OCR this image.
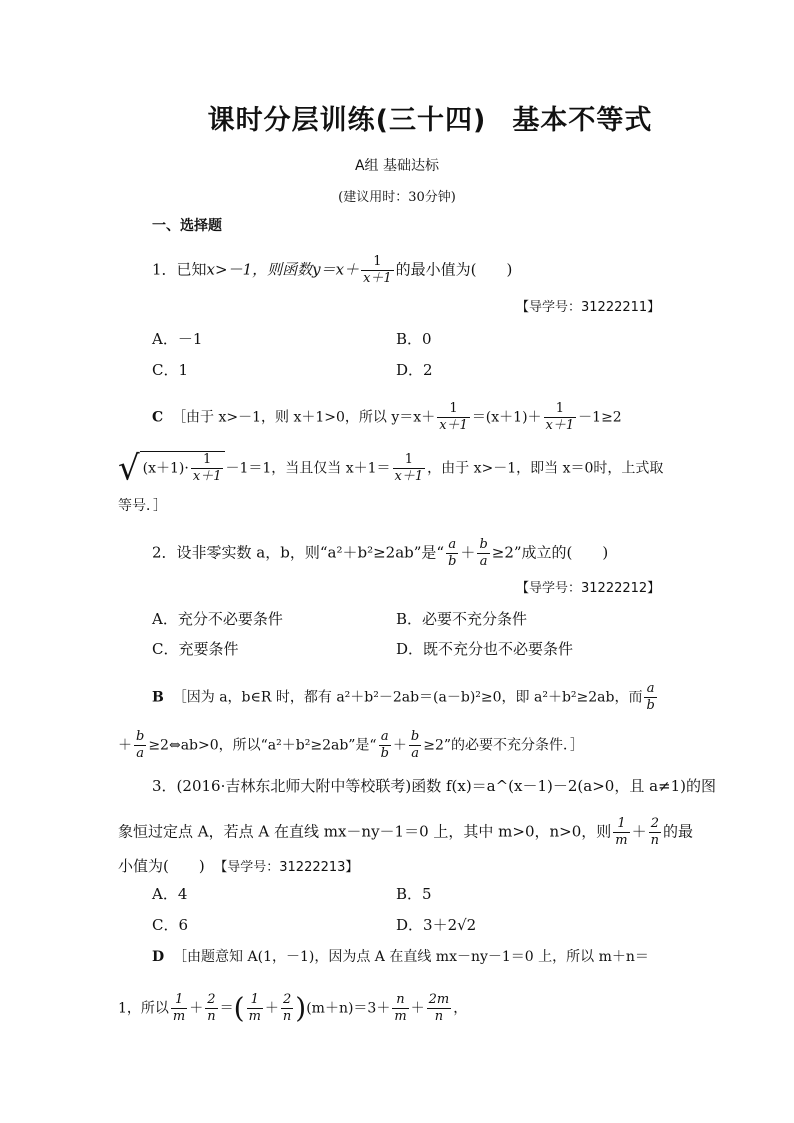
课时分层训练(三十四) 基本不等式
A组 基础达标
(建议用时：30分钟)
一、选择题
1．已知x>－1，则函数$y=x+ \frac{1}{x+1}$ 的最小值为(　　)
【导学号：31222211】
A．－1	B．0
C．1	D．2
C ［由于 x>－1，则 x＋1>0，所以 $y=x+ \frac{1}{x+1} =(x+1)+ \frac{1}{x+1} -1\ge 2$
√ $(x+1)\cdot \frac{1}{x+1} -1=1$，当且仅当 $x+1= \frac{1}{x+1}$ ，由于 x>－1，即当 x＝0时，上式取
等号．］
2．设非零实数 a，b，则“a²＋b²≥2ab”是“ $\frac{a}{b} + \frac{b}{a} \ge 2$”成立的(　　)
【导学号：31222212】
A．充分不必要条件	B．必要不充分条件
C．充要条件	D．既不充分也不必要条件
B ［因为 a，b∈R 时，都有 a²＋b²－2ab＝(a－b)²≥0，即 a²＋b²≥2ab，而 $\frac{a}{b}$
＋ $\frac{b}{a}$ ≥2⇔ab>0，所以“a²＋b²≥2ab”是“ $\frac{a}{b} + \frac{b}{a} \ge 2$”的必要不充分条件．］
3．(2016·吉林东北师大附中等校联考)函数 f(x)＝a^(x－1)－2(a>0，且 a≠1)的图
象恒过定点 A，若点 A 在直线 mx－ny－1＝0 上，其中 m>0，n>0，则 $\frac{1}{m} + \frac{2}{n}$ 的最
小值为(　　) 【导学号：31222213】
A．4	B．5
C．6	D．3＋2√2
D ［由题意知 A(1，－1)，因为点 A 在直线 mx－ny－1＝0 上，所以 m＋n＝
1，所以 $\frac{1}{m} + \frac{2}{n}$ ＝( $\frac{1}{m} + \frac{2}{n} )(m+n)=3+ \frac{n}{m} + \frac{2m}{n}$ ，
